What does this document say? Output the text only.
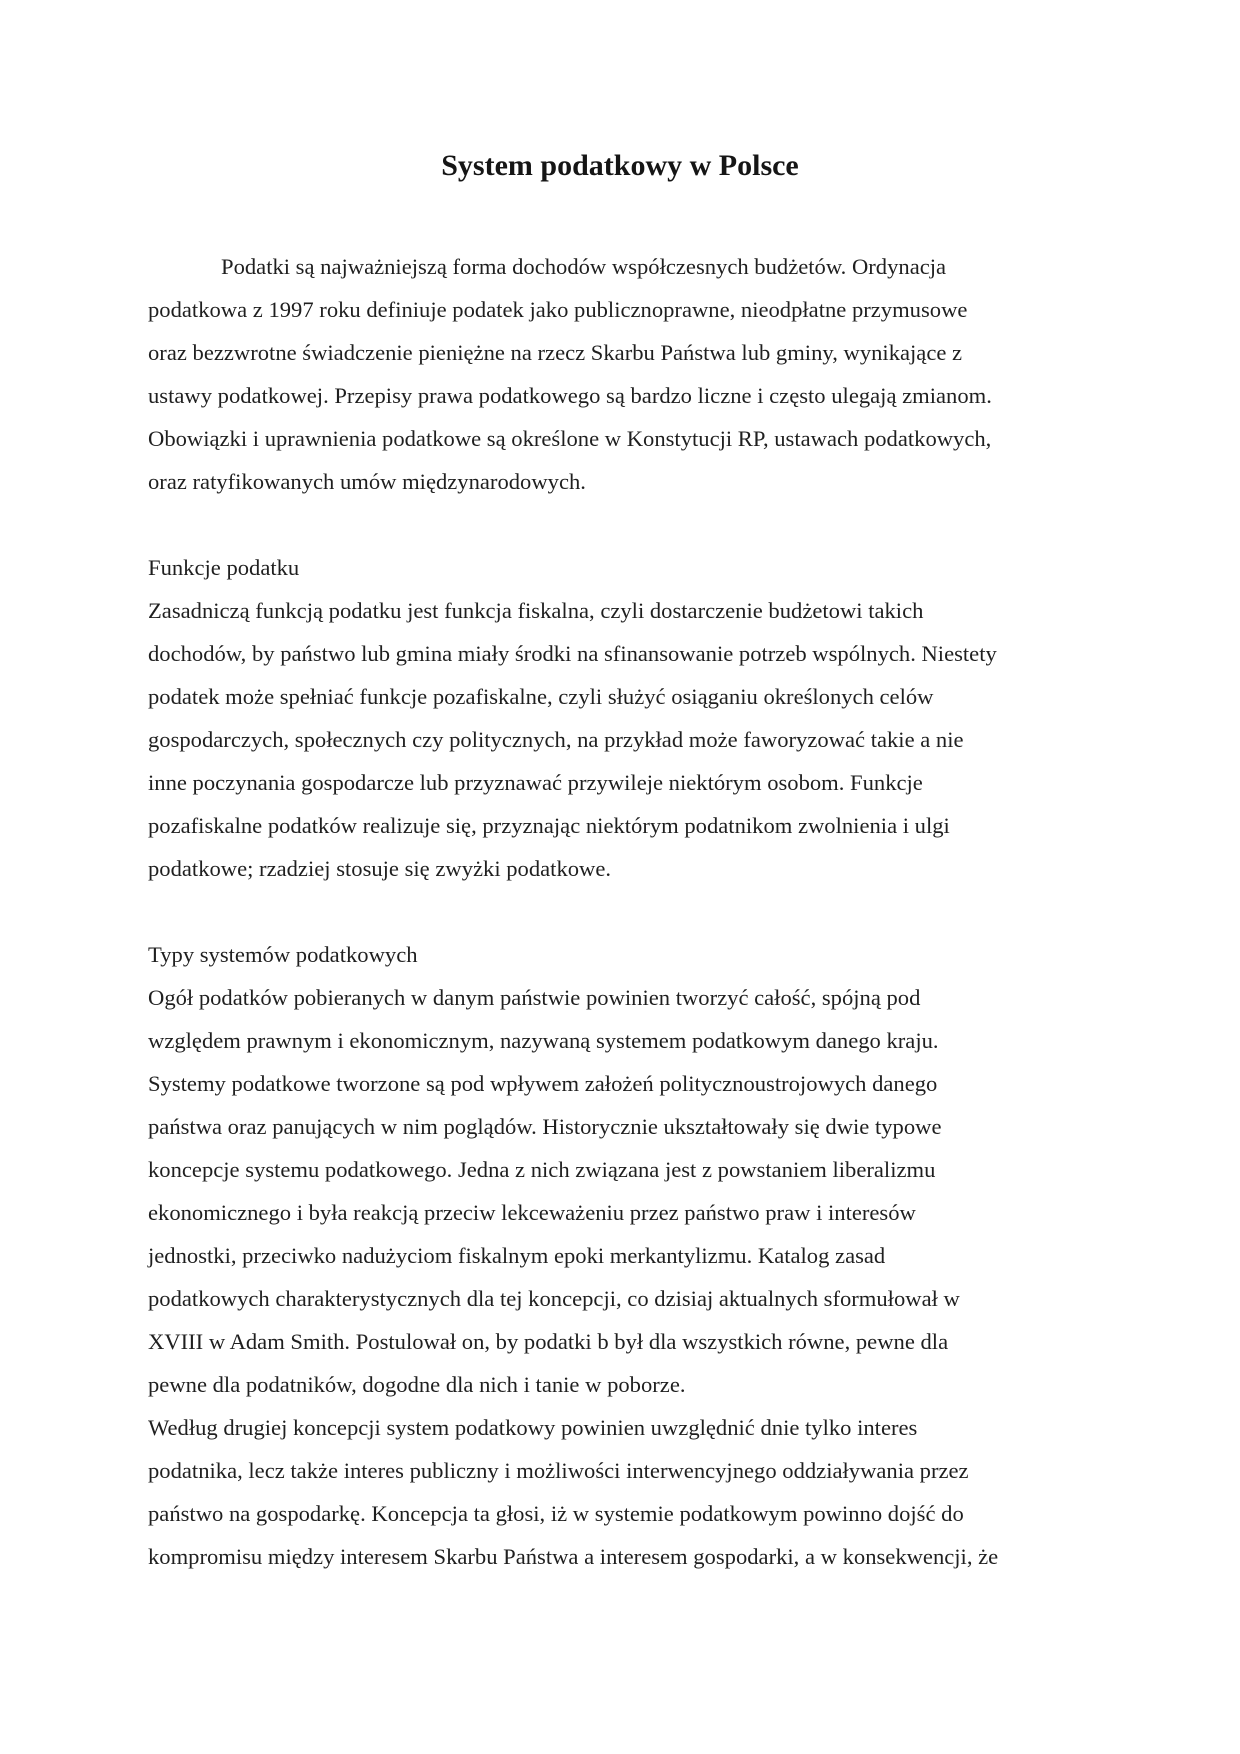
System podatkowy w Polsce

Podatki są najważniejszą forma dochodów współczesnych budżetów. Ordynacja

podatkowa z 1997 roku definiuje podatek jako publicznoprawne, nieodpłatne przymusowe

oraz bezzwrotne świadczenie pieniężne na rzecz Skarbu Państwa lub gminy, wynikające z

ustawy podatkowej. Przepisy prawa podatkowego są bardzo liczne i często ulegają zmianom.

Obowiązki i uprawnienia podatkowe są określone w Konstytucji RP, ustawach podatkowych,

oraz ratyfikowanych umów międzynarodowych.

Funkcje podatku

Zasadniczą funkcją podatku jest funkcja fiskalna, czyli dostarczenie budżetowi takich

dochodów, by państwo lub gmina miały środki na sfinansowanie potrzeb wspólnych. Niestety

podatek może spełniać funkcje pozafiskalne, czyli służyć osiąganiu określonych celów

gospodarczych, społecznych czy politycznych, na przykład może faworyzować takie a nie

inne poczynania gospodarcze lub przyznawać przywileje niektórym osobom. Funkcje

pozafiskalne podatków realizuje się, przyznając niektórym podatnikom zwolnienia i ulgi

podatkowe; rzadziej stosuje się zwyżki podatkowe.

Typy systemów podatkowych

Ogół podatków pobieranych w danym państwie powinien tworzyć całość, spójną pod

względem prawnym i ekonomicznym, nazywaną systemem podatkowym danego kraju.

Systemy podatkowe tworzone są pod wpływem założeń politycznoustrojowych danego

państwa oraz panujących w nim poglądów. Historycznie ukształtowały się dwie typowe

koncepcje systemu podatkowego. Jedna z nich związana jest z powstaniem liberalizmu

ekonomicznego i była reakcją przeciw lekceważeniu przez państwo praw i interesów

jednostki, przeciwko nadużyciom fiskalnym epoki merkantylizmu. Katalog zasad

podatkowych charakterystycznych dla tej koncepcji, co dzisiaj aktualnych sformułował w

XVIII w Adam Smith. Postulował on, by podatki b był dla wszystkich równe, pewne dla

pewne dla podatników, dogodne dla nich i tanie w poborze.

Według drugiej koncepcji system podatkowy powinien uwzględnić dnie tylko interes

podatnika, lecz także interes publiczny i możliwości interwencyjnego oddziaływania przez

państwo na gospodarkę. Koncepcja ta głosi, iż w systemie podatkowym powinno dojść do

kompromisu między interesem Skarbu Państwa a interesem gospodarki, a w konsekwencji, że
